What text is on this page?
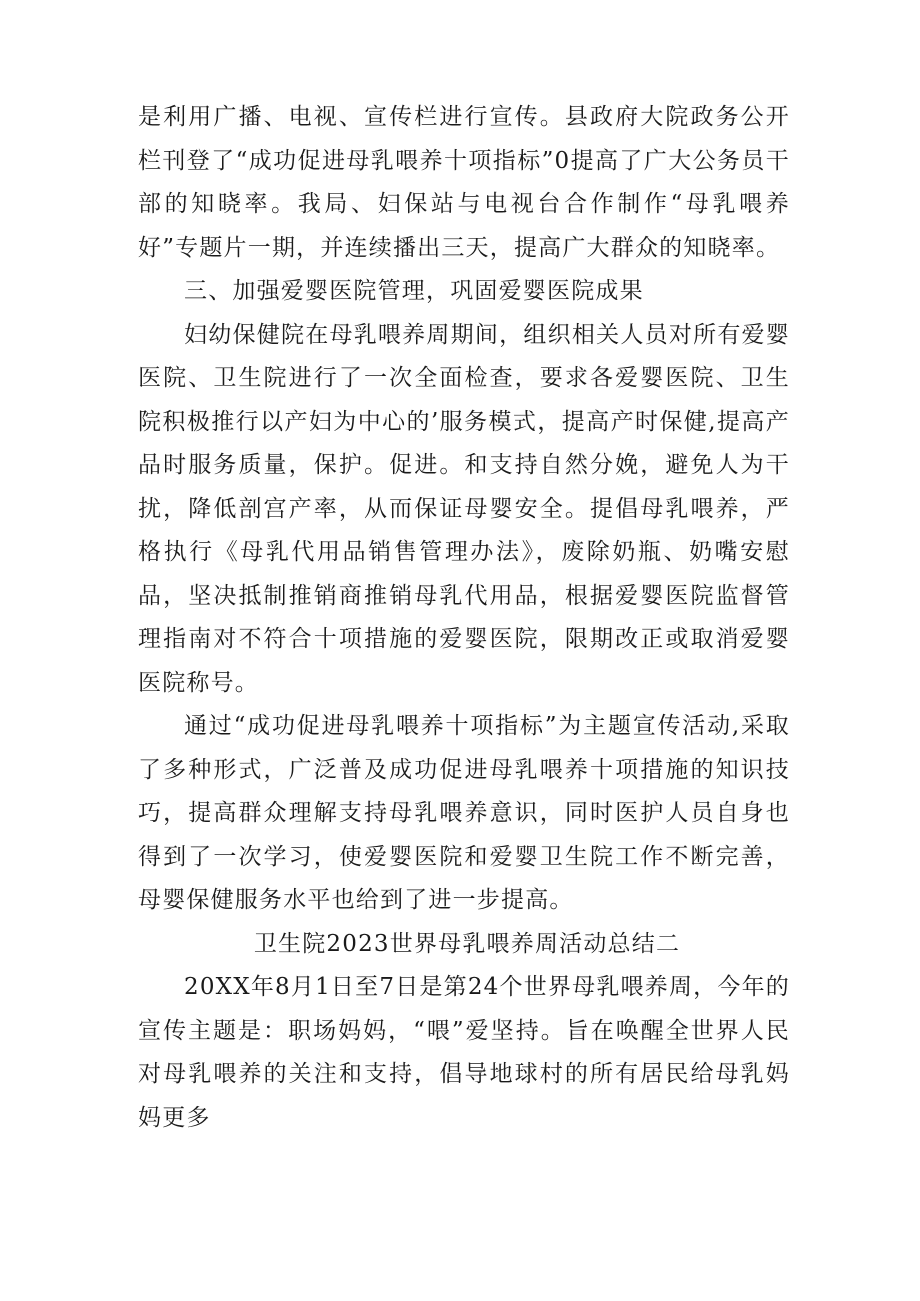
是利用广播、电视、宣传栏进行宣传。县政府大院政务公开栏刊登了“成功促进母乳喂养十项指标”0提高了广大公务员干部的知晓率。我局、妇保站与电视台合作制作“母乳喂养好”专题片一期，并连续播出三天，提高广大群众的知晓率。

三、加强爱婴医院管理，巩固爱婴医院成果

妇幼保健院在母乳喂养周期间，组织相关人员对所有爱婴医院、卫生院进行了一次全面检查，要求各爱婴医院、卫生院积极推行以产妇为中心的’服务模式，提高产时保健,提高产品时服务质量，保护。促进。和支持自然分娩，避免人为干扰，降低剖宫产率，从而保证母婴安全。提倡母乳喂养，严格执行《母乳代用品销售管理办法》，废除奶瓶、奶嘴安慰品，坚决抵制推销商推销母乳代用品，根据爱婴医院监督管理指南对不符合十项措施的爱婴医院，限期改正或取消爱婴医院称号。

通过“成功促进母乳喂养十项指标”为主题宣传活动,采取了多种形式，广泛普及成功促进母乳喂养十项措施的知识技巧，提高群众理解支持母乳喂养意识，同时医护人员自身也得到了一次学习，使爱婴医院和爱婴卫生院工作不断完善，母婴保健服务水平也给到了进一步提高。

卫生院2023世界母乳喂养周活动总结二

20XX年8月1日至7日是第24个世界母乳喂养周，今年的宣传主题是：职场妈妈，“喂”爱坚持。旨在唤醒全世界人民对母乳喂养的关注和支持，倡导地球村的所有居民给母乳妈妈更多
